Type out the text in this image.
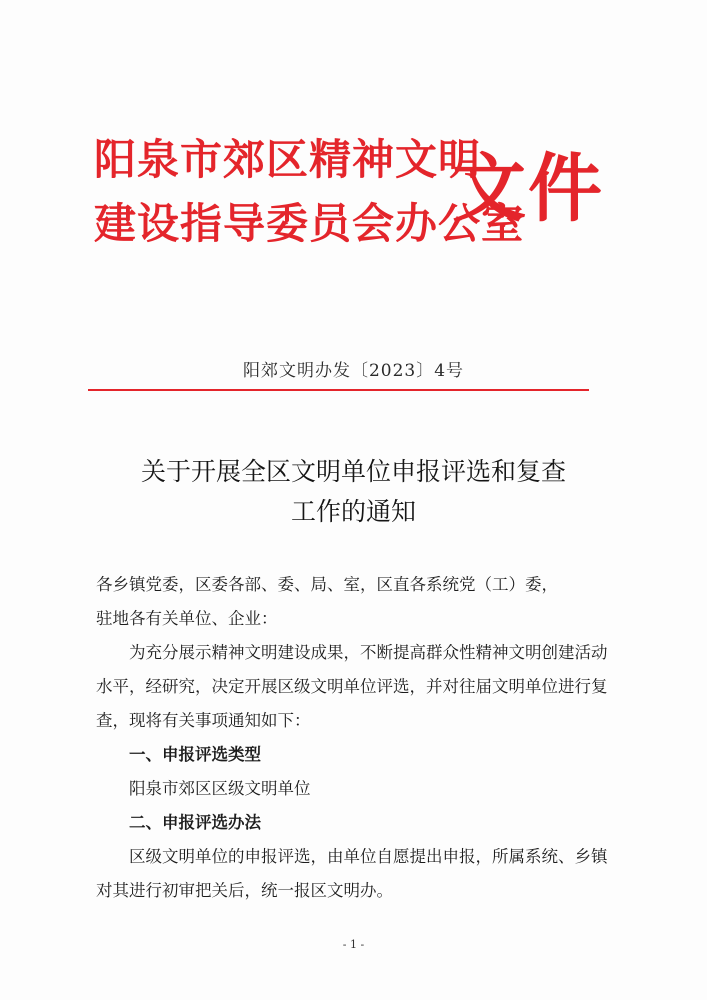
阳泉市郊区精神文明
建设指导委员会办公室
文件
阳郊文明办发〔2023〕4号
关于开展全区文明单位申报评选和复查
工作的通知

各乡镇党委，区委各部、委、局、室，区直各系统党（工）委，

驻地各有关单位、企业：

为充分展示精神文明建设成果，不断提高群众性精神文明创建活动水平，经研究，决定开展区级文明单位评选，并对往届文明单位进行复查，现将有关事项通知如下：

一、申报评选类型

阳泉市郊区区级文明单位

二、申报评选办法

区级文明单位的申报评选，由单位自愿提出申报，所属系统、乡镇对其进行初审把关后，统一报区文明办。

- 1 -
